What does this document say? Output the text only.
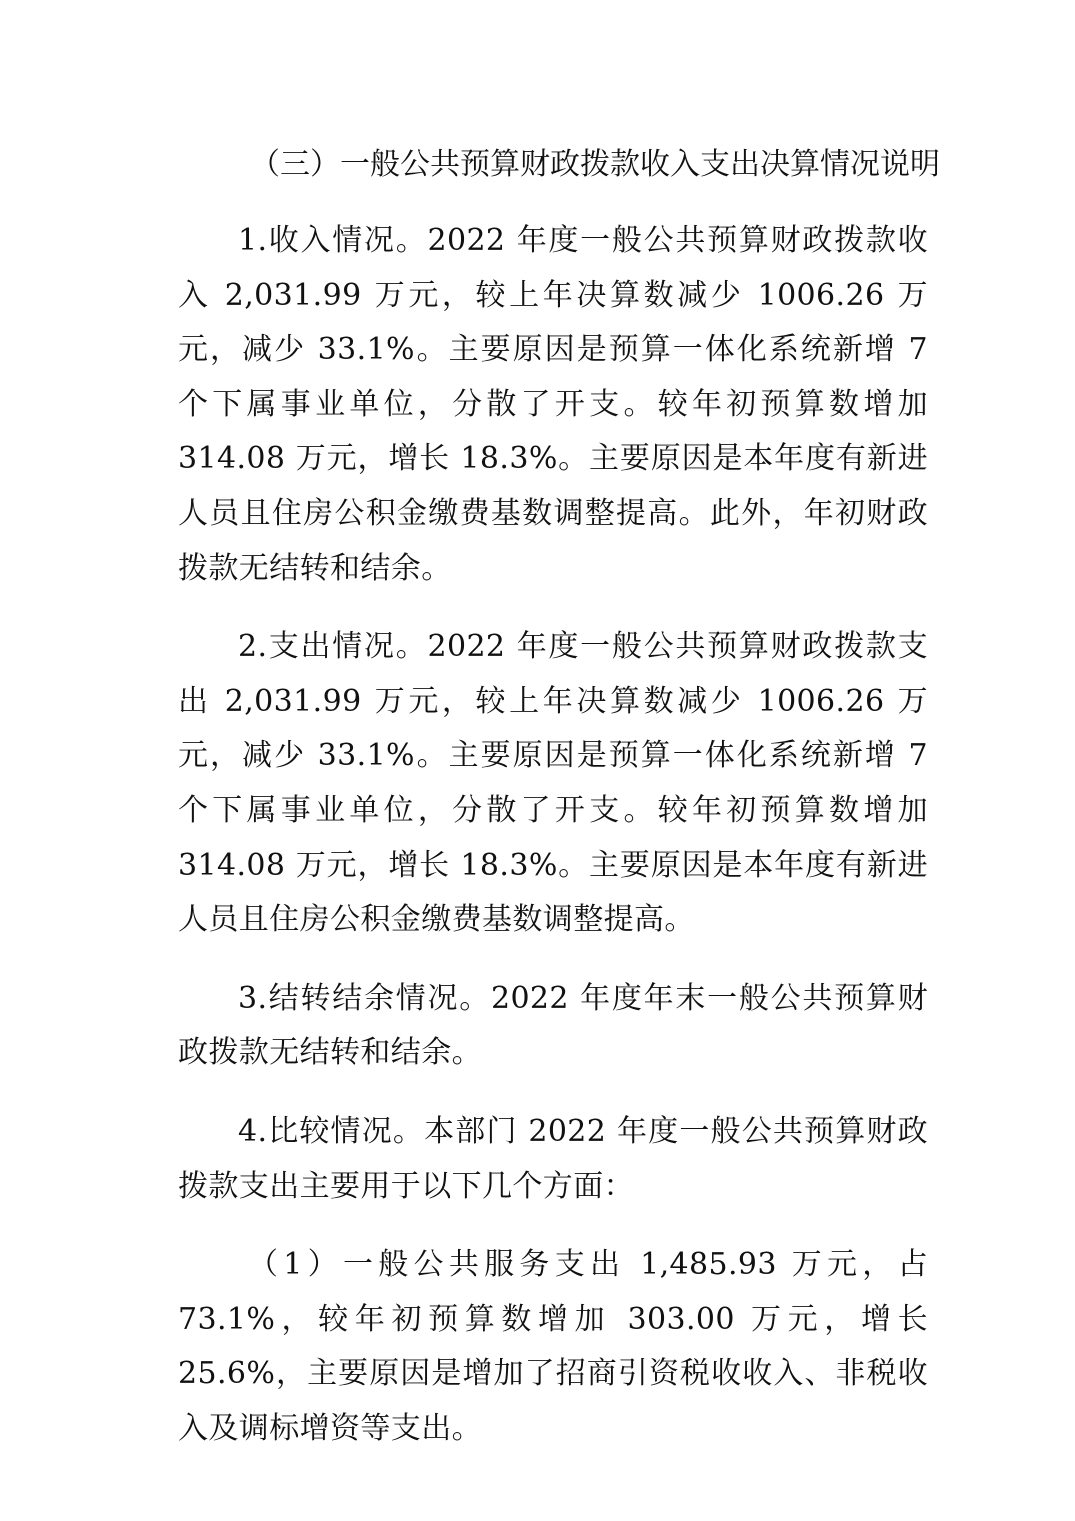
（三）一般公共预算财政拨款收入支出决算情况说明

1.收入情况。2022 年度一般公共预算财政拨款收入 2,031.99 万元，较上年决算数减少 1006.26 万元，减少 33.1%。主要原因是预算一体化系统新增 7 个下属事业单位，分散了开支。较年初预算数增加 314.08 万元，增长 18.3%。主要原因是本年度有新进人员且住房公积金缴费基数调整提高。此外，年初财政拨款无结转和结余。

2.支出情况。2022 年度一般公共预算财政拨款支出 2,031.99 万元，较上年决算数减少 1006.26 万元，减少 33.1%。主要原因是预算一体化系统新增 7 个下属事业单位，分散了开支。较年初预算数增加 314.08 万元，增长 18.3%。主要原因是本年度有新进人员且住房公积金缴费基数调整提高。

3.结转结余情况。2022 年度年末一般公共预算财政拨款无结转和结余。

4.比较情况。本部门 2022 年度一般公共预算财政拨款支出主要用于以下几个方面：

（1）一般公共服务支出 1,485.93 万元，占 73.1%，较年初预算数增加 303.00 万元，增长 25.6%，主要原因是增加了招商引资税收收入、非税收入及调标增资等支出。
